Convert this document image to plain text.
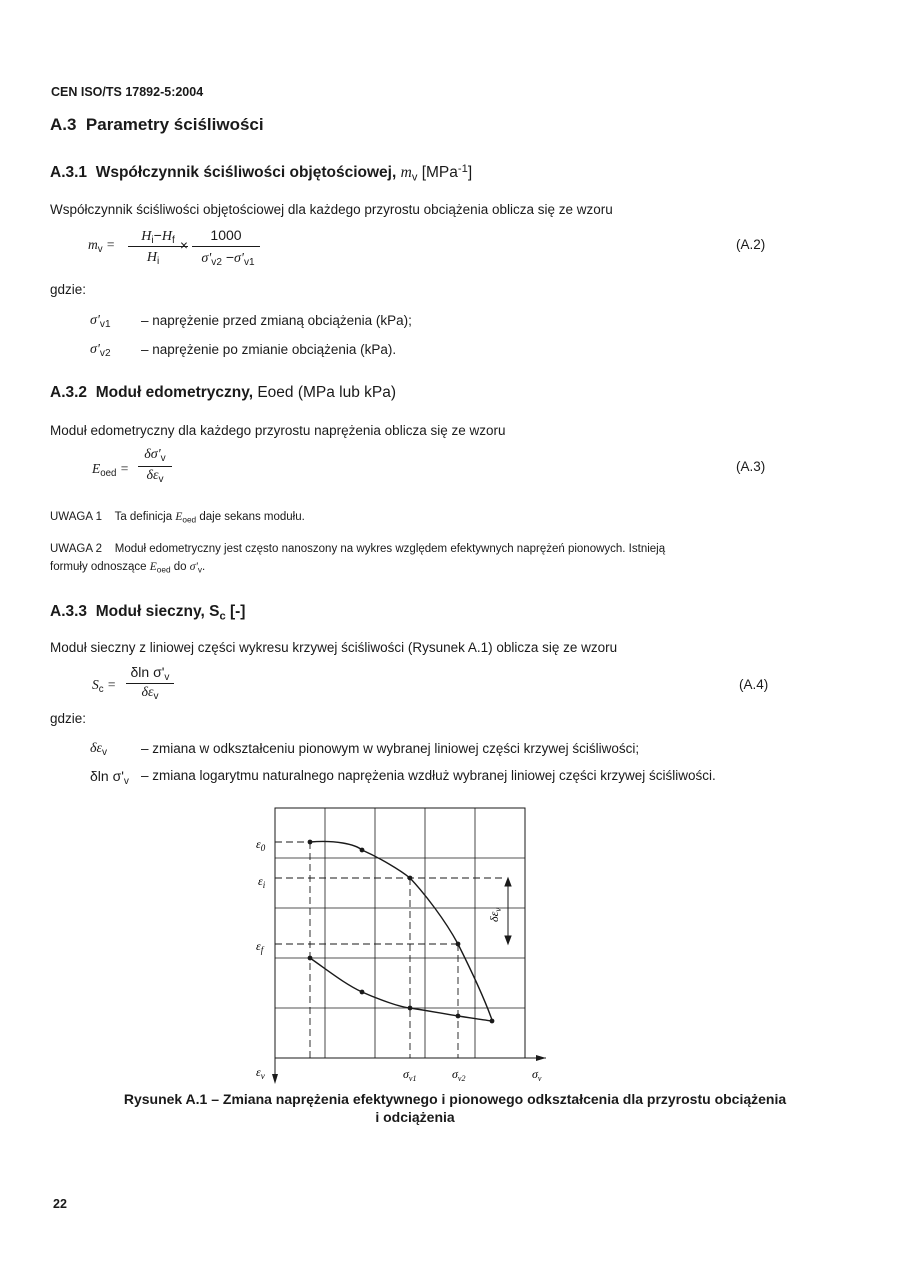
CEN ISO/TS 17892-5:2004
A.3 Parametry ściśliwości
A.3.1 Współczynnik ściśliwości objętościowej, $m_v$ [MPa$^{-1}$]
Współczynnik ściśliwości objętościowej dla każdego przyrostu obciążenia oblicza się ze wzoru
$m_v$ =
$H_i-H_f$
$H_i$
×
1000
$\sigma'_{v2} -\sigma'_{v1}$
(A.2)
gdzie:
$\sigma'_{v1}$ – naprężenie przed zmianą obciążenia (kPa);
$\sigma'_{v2}$ – naprężenie po zmianie obciążenia (kPa).
A.3.2 Moduł edometryczny, Eoed (MPa lub kPa)
Moduł edometryczny dla każdego przyrostu naprężenia oblicza się ze wzoru
$E_{oed}$ =
$\delta\sigma'_v$
$\delta\varepsilon_v$
(A.3)
UWAGA 1 Ta definicja $E_{oed}$ daje sekans modułu.
UWAGA 2 Moduł edometryczny jest często nanoszony na wykres względem efektywnych naprężeń pionowych. Istnieją
formuły odnoszące $E_{oed}$ do $\sigma'_v$.
A.3.3 Moduł sieczny, $S_c$ [-]
Moduł sieczny z liniowej części wykresu krzywej ściśliwości (Rysunek A.1) oblicza się ze wzoru
$S_c$ =
δln $\sigma'_v$
$\delta\varepsilon_v$
(A.4)
gdzie:
$\delta\varepsilon_v$	– zmiana w odkształceniu pionowym w wybranej liniowej części krzywej ściśliwości;
δln $\sigma'_v$ – zmiana logarytmu naturalnego naprężenia wzdłuż wybranej liniowej części krzywej ściśliwości.
$\varepsilon_0$
$\varepsilon_i$
$\varepsilon_f$
$\varepsilon_v$
$\delta\varepsilon_v$
$\sigma_{v1}$	$\sigma_{v2}$	$\sigma_v$
Rysunek A.1 – Zmiana naprężenia efektywnego i pionowego odkształcenia dla przyrostu obciążenia
i odciążenia
22
